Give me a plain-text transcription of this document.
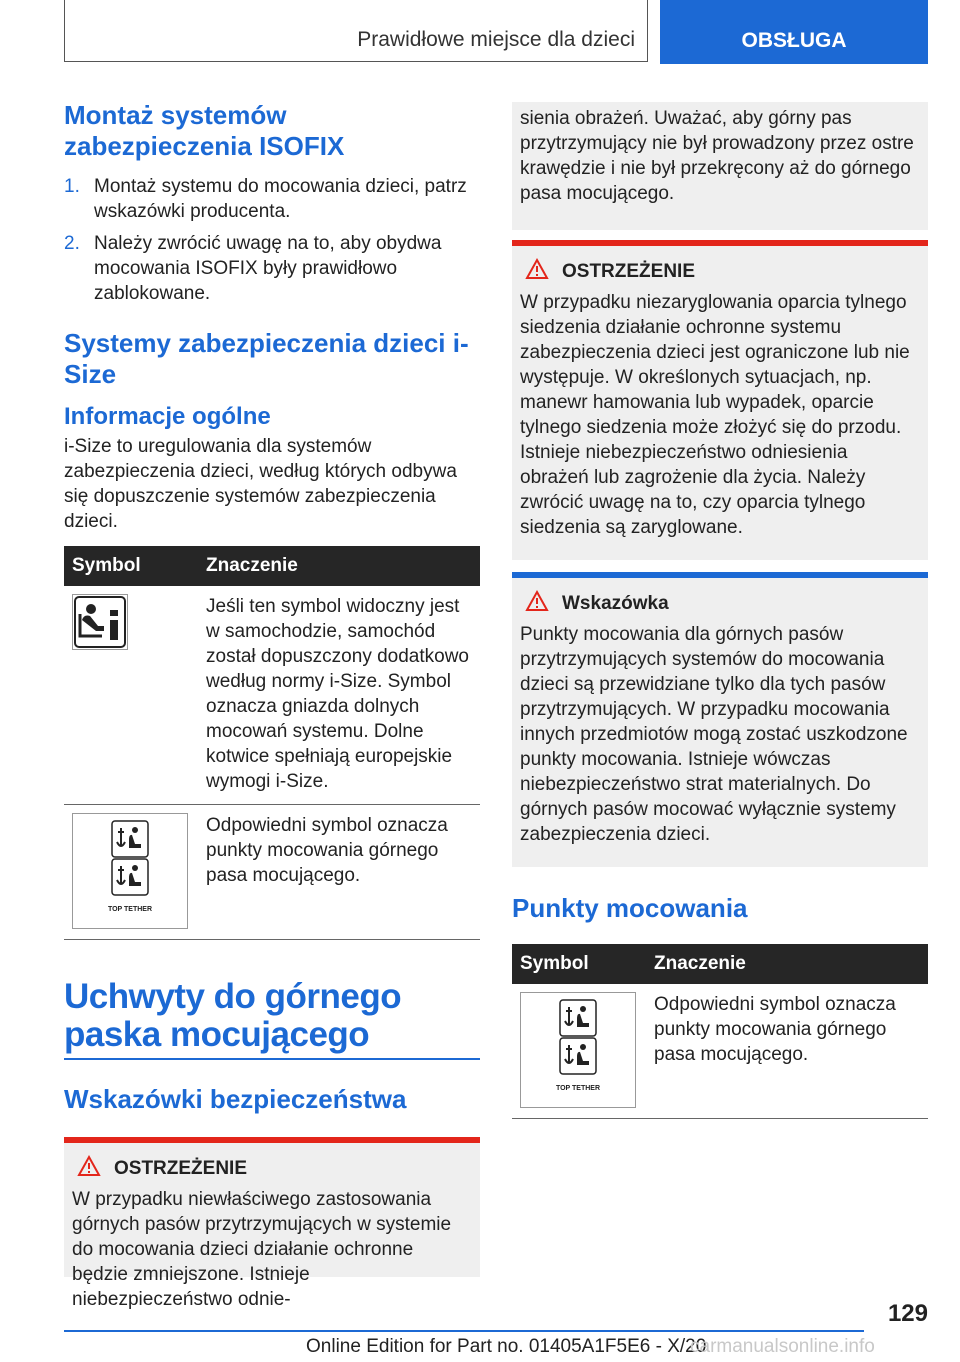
Prawidłowe miejsce dla dzieci	OBSŁUGA
Montaż systemów zabezpieczenia ISOFIX
1. Montaż systemu do mocowania dzieci, patrz wskazówki producenta.
2. Należy zwrócić uwagę na to, aby obydwa mocowania ISOFIX były prawidłowo zablokowane.
Systemy zabezpieczenia dzieci i-Size
Informacje ogólne

i-Size to uregulowania dla systemów zabezpieczenia dzieci, według których odbywa się dopuszczenie systemów zabezpieczenia dzieci.

Symbol	Znaczenie

	Jeśli ten symbol widoczny jest w samochodzie, samochód został dopuszczony dodatkowo według normy i-Size. Symbol oznacza gniazda dolnych mocowań systemu. Dolne kotwice spełniają europejskie wymogi i-Size.

TOP TETHER	Odpowiedni symbol oznacza punkty mocowania górnego pasa mocującego.
Uchwyty do górnego paska mocującego
Wskazówki bezpieczeństwa
OSTRZEŻENIE

W przypadku niewłaściwego zastosowania górnych pasów przytrzymujących w systemie do mocowania dzieci działanie ochronne będzie zmniejszone. Istnieje niebezpieczeństwo odnie-

sienia obrażeń. Uważać, aby górny pas przytrzymujący nie był prowadzony przez ostre krawędzie i nie był przekręcony aż do górnego pasa mocującego.

OSTRZEŻENIE

W przypadku niezaryglowania oparcia tylnego siedzenia działanie ochronne systemu zabezpieczenia dzieci jest ograniczone lub nie występuje. W określonych sytuacjach, np. manewr hamowania lub wypadek, oparcie tylnego siedzenia może złożyć się do przodu. Istnieje niebezpieczeństwo odniesienia obrażeń lub zagrożenie dla życia. Należy zwrócić uwagę na to, czy oparcia tylnego siedzenia są zaryglowane.

Wskazówka

Punkty mocowania dla górnych pasów przytrzymujących systemów do mocowania dzieci są przewidziane tylko dla tych pasów przytrzymujących. W przypadku mocowania innych przedmiotów mogą zostać uszkodzone punkty mocowania. Istnieje wówczas niebezpieczeństwo strat materialnych. Do górnych pasów mocować wyłącznie systemy zabezpieczenia dzieci.

Punkty mocowania
Symbol	Znaczenie

TOP TETHER	Odpowiedni symbol oznacza punkty mocowania górnego pasa mocującego.
129
Online Edition for Part no. 01405A1F5E6 - X/20
carmanualsonline.info
